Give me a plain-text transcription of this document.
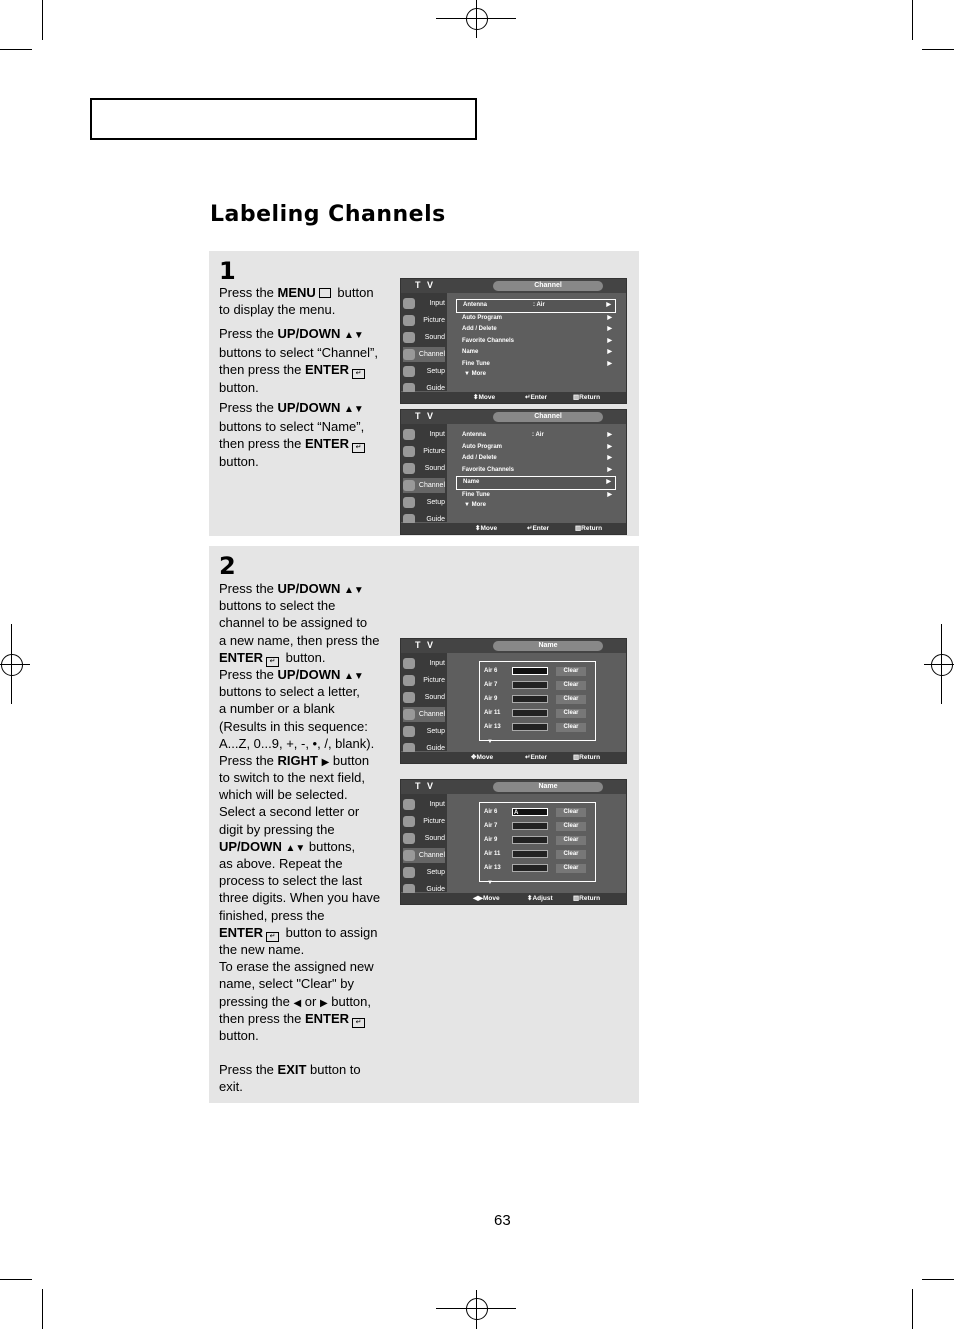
Labeling Channels
1
Press the MENU button
to display the menu.
Press the UP/DOWN ▲▼
buttons to select “Channel”,
then press the ENTER ↵
button.
Press the UP/DOWN ▲▼
buttons to select “Name”,
then press the ENTER ↵
button.
2
Press the UP/DOWN ▲▼
buttons to select the
channel to be assigned to
a new name, then press the
ENTER ↵ button.
Press the UP/DOWN ▲▼
buttons to select a letter,
a number or a blank
(Results in this sequence:
A...Z, 0...9, +, -, •, /, blank).
Press the RIGHT ▶ button
to switch to the next field,
which will be selected.
Select a second letter or
digit by pressing the
UP/DOWN ▲▼ buttons,
as above. Repeat the
process to select the last
three digits. When you have
finished, press the
ENTER ↵ button to assign
the new name.
To erase the assigned new
name, select "Clear" by
pressing the ◀ or ▶ button,
then press the ENTER ↵
button.
Press the EXIT button to
exit.
T V	Channel
Input
Picture
Sound
Channel
Setup
Guide
Antenna	: Air	▶
Auto Program	▶
Add / Delete	▶
Favorite Channels	▶
Name	▶
Fine Tune	▶
▼ More
⬍ Move	↵ Enter	▥ Return
T V	Channel
Input
Picture
Sound
Channel
Setup
Guide
Antenna	: Air	▶
Auto Program	▶
Add / Delete	▶
Favorite Channels	▶
Name	▶
Fine Tune	▶
▼ More
⬍ Move	↵ Enter	▥ Return
T V	Name
Input
Picture
Sound
Channel
Setup
Guide
Air 6	Clear
Air 7	Clear
Air 9	Clear
Air 11	Clear
Air 13	Clear
▼
✥ Move	↵ Enter	▥ Return
T V	Name
Input
Picture
Sound
Channel
Setup
Guide
Air 6	A	Clear
Air 7	Clear
Air 9	Clear
Air 11	Clear
Air 13	Clear
▼
◀▶ Move	⬍ Adjust	▥ Return
63
